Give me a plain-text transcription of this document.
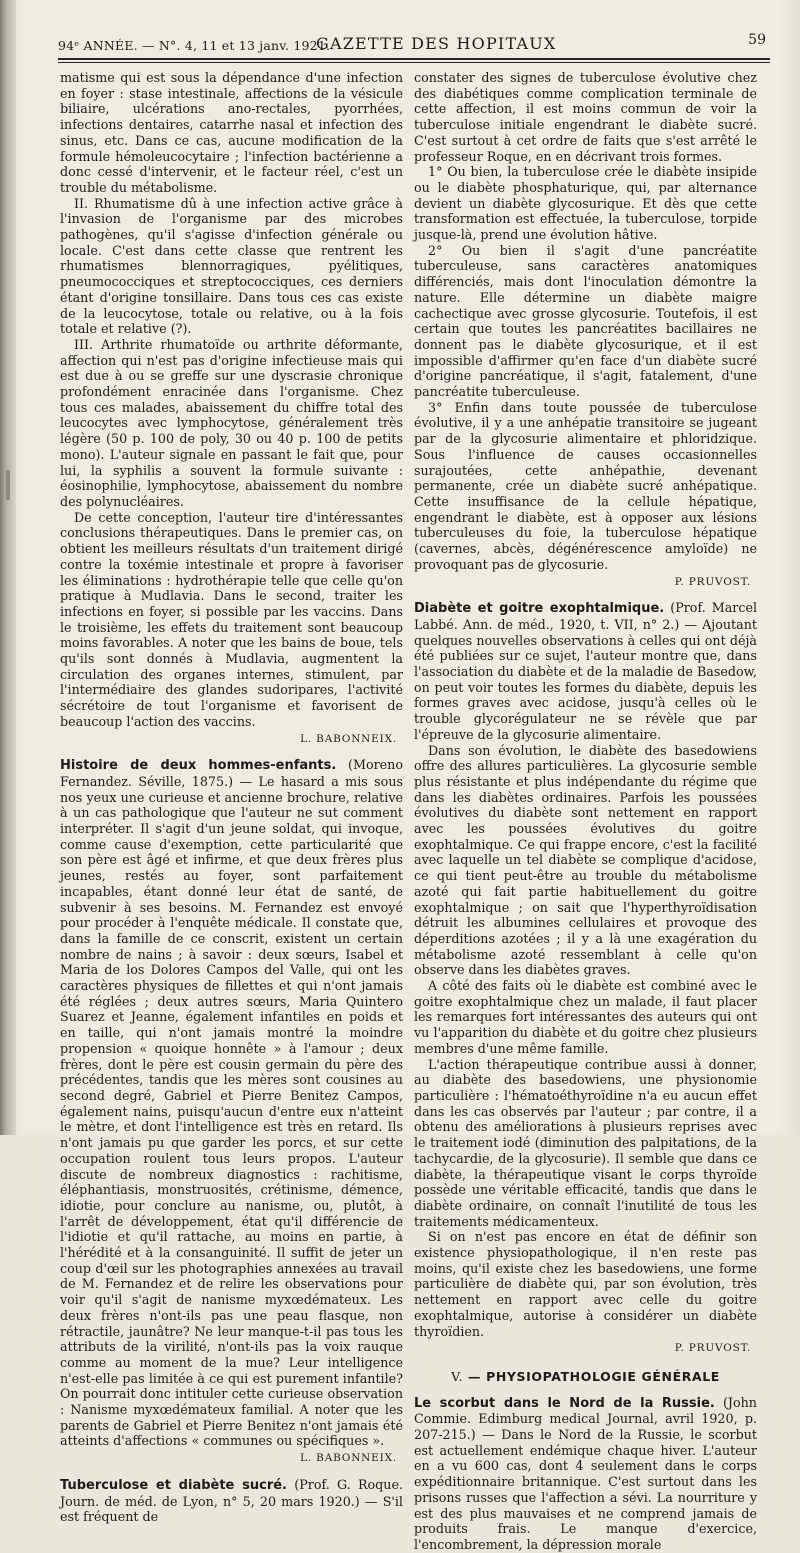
94ᵉ ANNÉE. — N°. 4, 11 et 13 janv. 1921.
GAZETTE DES HOPITAUX	59

matisme qui est sous la dépendance d'une infection en foyer : stase intestinale, affections de la vésicule biliaire, ulcérations ano-rectales, pyorrhées, infections dentaires, catarrhe nasal et infection des sinus, etc. Dans ce cas, aucune modification de la formule hémoleucocytaire ; l'infection bactérienne a donc cessé d'intervenir, et le facteur réel, c'est un trouble du métabolisme.

II. Rhumatisme dû à une infection active grâce à l'invasion de l'organisme par des microbes pathogènes, qu'il s'agisse d'infection générale ou locale. C'est dans cette classe que rentrent les rhumatismes blennorragiques, pyélitiques, pneumococciques et streptococciques, ces derniers étant d'origine tonsillaire. Dans tous ces cas existe de la leucocytose, totale ou relative, ou à la fois totale et relative (?).

III. Arthrite rhumatoïde ou arthrite déformante, affection qui n'est pas d'origine infectieuse mais qui est due à ou se greffe sur une dyscrasie chronique profondément enracinée dans l'organisme. Chez tous ces malades, abaissement du chiffre total des leucocytes avec lymphocytose, généralement très légère (50 p. 100 de poly, 30 ou 40 p. 100 de petits mono). L'auteur signale en passant le fait que, pour lui, la syphilis a souvent la formule suivante : éosinophilie, lymphocytose, abaissement du nombre des polynucléaires.

De cette conception, l'auteur tire d'intéressantes conclusions thérapeutiques. Dans le premier cas, on obtient les meilleurs résultats d'un traitement dirigé contre la toxémie intestinale et propre à favoriser les éliminations : hydrothérapie telle que celle qu'on pratique à Mudlavia. Dans le second, traiter les infections en foyer, si possible par les vaccins. Dans le troisième, les effets du traitement sont beaucoup moins favorables. A noter que les bains de boue, tels qu'ils sont donnés à Mudlavia, augmentent la circulation des organes internes, stimulent, par l'intermédiaire des glandes sudoripares, l'activité sécrétoire de tout l'organisme et favorisent de beaucoup l'action des vaccins.

L. BABONNEIX.

Histoire de deux hommes-enfants. (Moreno Fernandez. Séville, 1875.) — Le hasard a mis sous nos yeux une curieuse et ancienne brochure, relative à un cas pathologique que l'auteur ne sut comment interpréter. Il s'agit d'un jeune soldat, qui invoque, comme cause d'exemption, cette particularité que son père est âgé et infirme, et que deux frères plus jeunes, restés au foyer, sont parfaitement incapables, étant donné leur état de santé, de subvenir à ses besoins. M. Fernandez est envoyé pour procéder à l'enquête médicale. Il constate que, dans la famille de ce conscrit, existent un certain nombre de nains ; à savoir : deux sœurs, Isabel et Maria de los Dolores Campos del Valle, qui ont les caractères physiques de fillettes et qui n'ont jamais été réglées ; deux autres sœurs, Maria Quintero Suarez et Jeanne, également infantiles en poids et en taille, qui n'ont jamais montré la moindre propension « quoique honnête » à l'amour ; deux frères, dont le père est cousin germain du père des précédentes, tandis que les mères sont cousines au second degré, Gabriel et Pierre Benitez Campos, également nains, puisqu'aucun d'entre eux n'atteint le mètre, et dont l'intelligence est très en retard. Ils n'ont jamais pu que garder les porcs, et sur cette occupation roulent tous leurs propos. L'auteur discute de nombreux diagnostics : rachitisme, éléphantiasis, monstruosités, crétinisme, démence, idiotie, pour conclure au nanisme, ou, plutôt, à l'arrêt de développement, état qu'il différencie de l'idiotie et qu'il rattache, au moins en partie, à l'hérédité et à la consanguinité. Il suffit de jeter un coup d'œil sur les photographies annexées au travail de M. Fernandez et de relire les observations pour voir qu'il s'agit de nanisme myxœdémateux. Les deux frères n'ont-ils pas une peau flasque, non rétractile, jaunâtre? Ne leur manque-t-il pas tous les attributs de la virilité, n'ont-ils pas la voix rauque comme au moment de la mue? Leur intelligence n'est-elle pas limitée à ce qui est purement infantile? On pourrait donc intituler cette curieuse observation : Nanisme myxœdémateux familial. A noter que les parents de Gabriel et Pierre Benitez n'ont jamais été atteints d'affections « communes ou spécifiques ».

L. BABONNEIX.

Tuberculose et diabète sucré. (Prof. G. Roque. Journ. de méd. de Lyon, n° 5, 20 mars 1920.) — S'il est fréquent de

constater des signes de tuberculose évolutive chez des diabétiques comme complication terminale de cette affection, il est moins commun de voir la tuberculose initiale engendrant le diabète sucré. C'est surtout à cet ordre de faits que s'est arrêté le professeur Roque, en en décrivant trois formes.

1° Ou bien, la tuberculose crée le diabète insipide ou le diabète phosphaturique, qui, par alternance devient un diabète glycosurique. Et dès que cette transformation est effectuée, la tuberculose, torpide jusque-là, prend une évolution hâtive.

2° Ou bien il s'agit d'une pancréatite tuberculeuse, sans caractères anatomiques différenciés, mais dont l'inoculation démontre la nature. Elle détermine un diabète maigre cachectique avec grosse glycosurie. Toutefois, il est certain que toutes les pancréatites bacillaires ne donnent pas le diabète glycosurique, et il est impossible d'affirmer qu'en face d'un diabète sucré d'origine pancréatique, il s'agit, fatalement, d'une pancréatite tuberculeuse.

3° Enfin dans toute poussée de tuberculose évolutive, il y a une anhépatie transitoire se jugeant par de la glycosurie alimentaire et phloridzique. Sous l'influence de causes occasionnelles surajoutées, cette anhépathie, devenant permanente, crée un diabète sucré anhépatique. Cette insuffisance de la cellule hépatique, engendrant le diabète, est à opposer aux lésions tuberculeuses du foie, la tuberculose hépatique (cavernes, abcès, dégénérescence amyloïde) ne provoquant pas de glycosurie.

P. PRUVOST.

Diabète et goitre exophtalmique. (Prof. Marcel Labbé. Ann. de méd., 1920, t. VII, n° 2.) — Ajoutant quelques nouvelles observations à celles qui ont déjà été publiées sur ce sujet, l'auteur montre que, dans l'association du diabète et de la maladie de Basedow, on peut voir toutes les formes du diabète, depuis les formes graves avec acidose, jusqu'à celles où le trouble glycorégulateur ne se révèle que par l'épreuve de la glycosurie alimentaire.

Dans son évolution, le diabète des basedowiens offre des allures particulières. La glycosurie semble plus résistante et plus indépendante du régime que dans les diabètes ordinaires. Parfois les poussées évolutives du diabète sont nettement en rapport avec les poussées évolutives du goitre exophtalmique. Ce qui frappe encore, c'est la facilité avec laquelle un tel diabète se complique d'acidose, ce qui tient peut-être au trouble du métabolisme azoté qui fait partie habituellement du goitre exophtalmique ; on sait que l'hyperthyroïdisation détruit les albumines cellulaires et provoque des déperditions azotées ; il y a là une exagération du métabolisme azoté ressemblant à celle qu'on observe dans les diabètes graves.

A côté des faits où le diabète est combiné avec le goitre exophtalmique chez un malade, il faut placer les remarques fort intéressantes des auteurs qui ont vu l'apparition du diabète et du goitre chez plusieurs membres d'une même famille.

L'action thérapeutique contribue aussi à donner, au diabète des basedowiens, une physionomie particulière : l'hématoéthyroïdine n'a eu aucun effet dans les cas observés par l'auteur ; par contre, il a obtenu des améliorations à plusieurs reprises avec le traitement iodé (diminution des palpitations, de la tachycardie, de la glycosurie). Il semble que dans ce diabète, la thérapeutique visant le corps thyroïde possède une véritable efficacité, tandis que dans le diabète ordinaire, on connaît l'inutilité de tous les traitements médicamenteux.

Si on n'est pas encore en état de définir son existence physiopathologique, il n'en reste pas moins, qu'il existe chez les basedowiens, une forme particulière de diabète qui, par son évolution, très nettement en rapport avec celle du goitre exophtalmique, autorise à considérer un diabète thyroïdien.

P. PRUVOST.

V. — PHYSIOPATHOLOGIE GÉNÉRALE

Le scorbut dans le Nord de la Russie. (John Commie. Edimburg medical Journal, avril 1920, p. 207-215.) — Dans le Nord de la Russie, le scorbut est actuellement endémique chaque hiver. L'auteur en a vu 600 cas, dont 4 seulement dans le corps expéditionnaire britannique. C'est surtout dans les prisons russes que l'affection a sévi. La nourriture y est des plus mauvaises et ne comprend jamais de produits frais. Le manque d'exercice, l'encombrement, la dépression morale
